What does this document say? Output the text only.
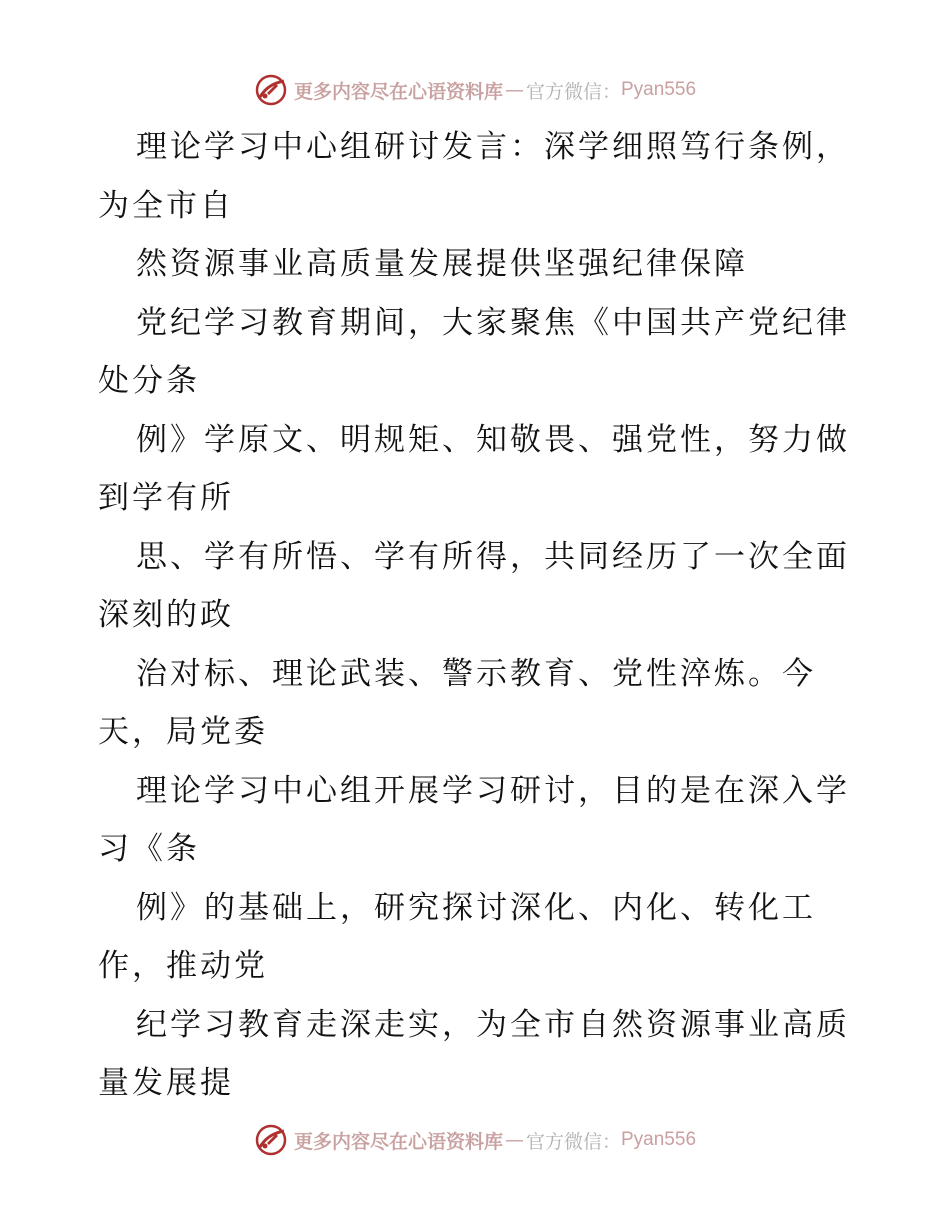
更多内容尽在心语资料库 — 官方微信： Pyan556
理论学习中心组研讨发言：深学细照笃行条例，
为全市自
然资源事业高质量发展提供坚强纪律保障
党纪学习教育期间，大家聚焦《中国共产党纪律
处分条
例》学原文、明规矩、知敬畏、强党性，努力做
到学有所
思、学有所悟、学有所得，共同经历了一次全面
深刻的政
治对标、理论武装、警示教育、党性淬炼。今
天，局党委
理论学习中心组开展学习研讨，目的是在深入学
习《条
例》的基础上，研究探讨深化、内化、转化工
作，推动党
纪学习教育走深走实，为全市自然资源事业高质
量发展提
更多内容尽在心语资料库 — 官方微信： Pyan556
